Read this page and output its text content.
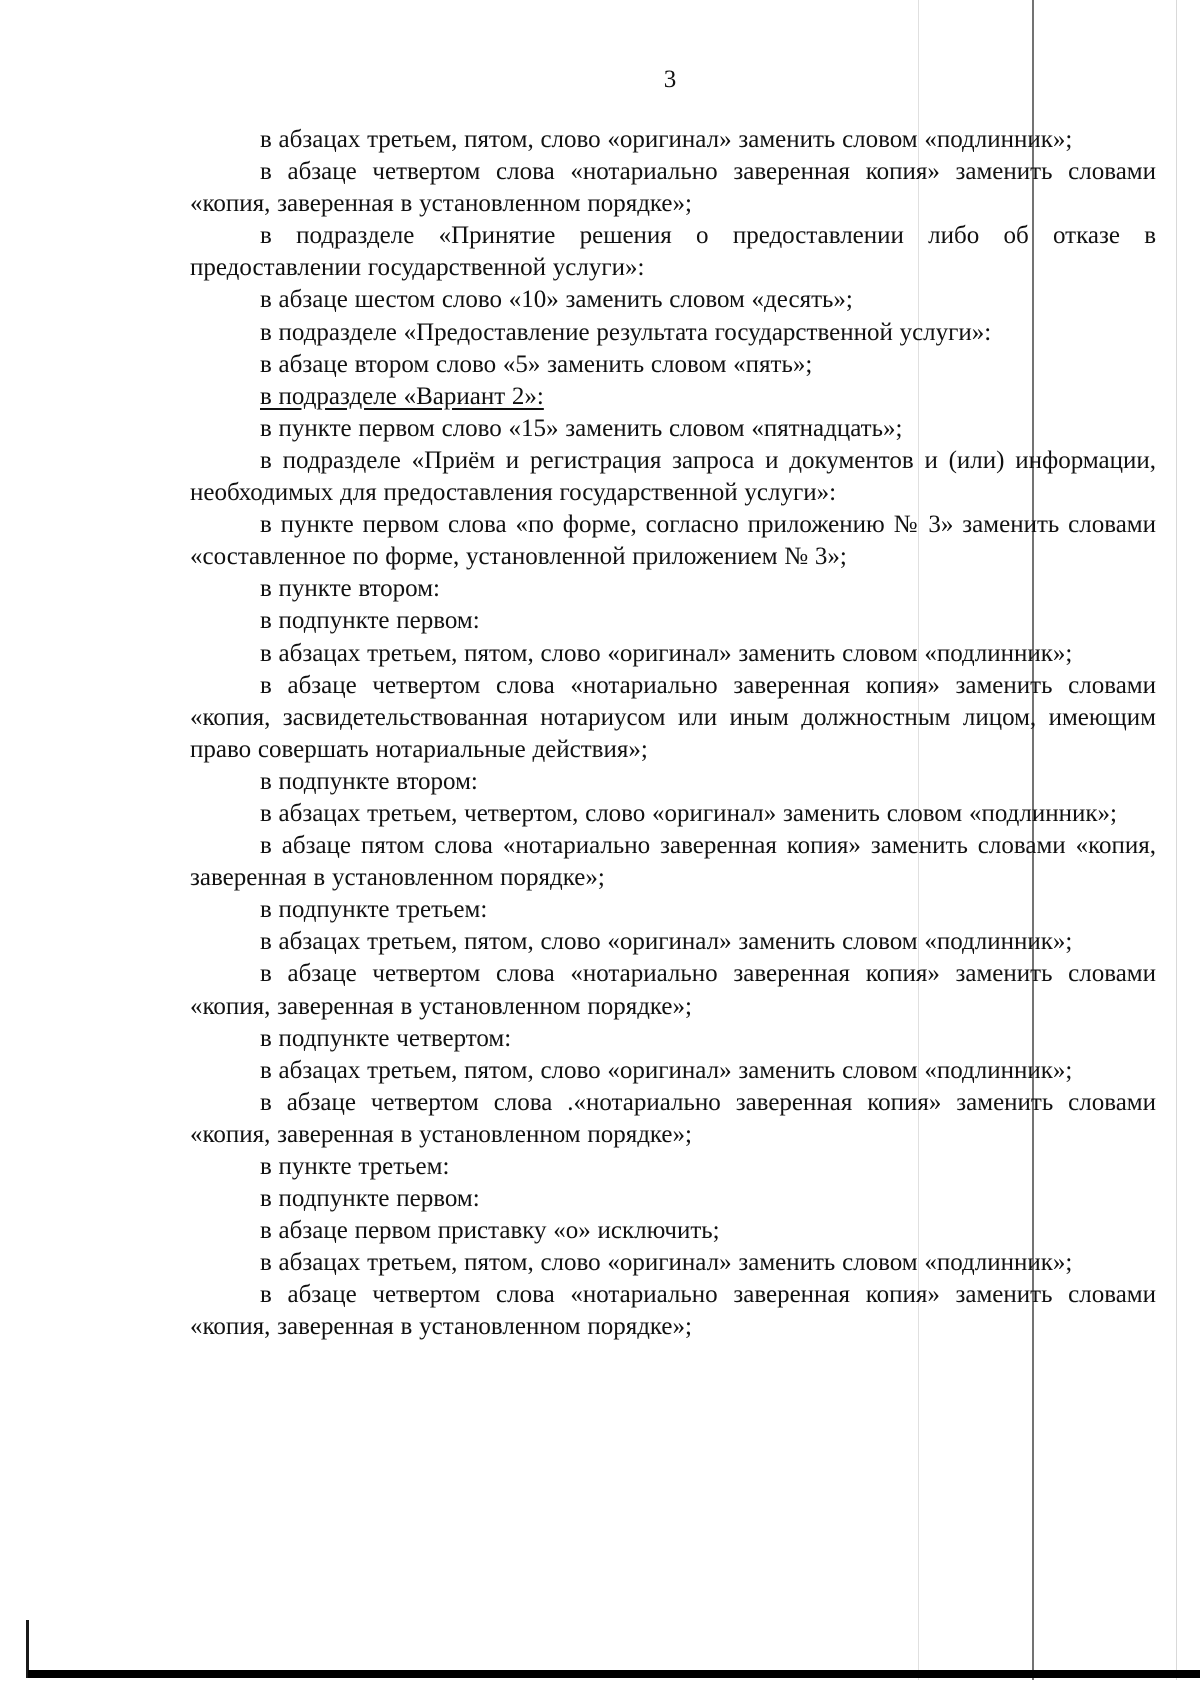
3

в абзацах третьем, пятом, слово «оригинал» заменить словом «подлинник»;

в абзаце четвертом слова «нотариально заверенная копия» заменить словами «копия, заверенная в установленном порядке»;

в подразделе «Принятие решения о предоставлении либо об отказе в предоставлении государственной услуги»:

в абзаце шестом слово «10» заменить словом «десять»;

в подразделе «Предоставление результата государственной услуги»:

в абзаце втором слово «5» заменить словом «пять»;

в подразделе «Вариант 2»:

в пункте первом слово «15» заменить словом «пятнадцать»;

в подразделе «Приём и регистрация запроса и документов и (или) информации, необходимых для предоставления государственной услуги»:

в пункте первом слова «по форме, согласно приложению № 3» заменить словами «составленное по форме, установленной приложением № 3»;

в пункте втором:

в подпункте первом:

в абзацах третьем, пятом, слово «оригинал» заменить словом «подлинник»;

в абзаце четвертом слова «нотариально заверенная копия» заменить словами «копия, засвидетельствованная нотариусом или иным должностным лицом, имеющим право совершать нотариальные действия»;

в подпункте втором:

в абзацах третьем, четвертом, слово «оригинал» заменить словом «подлинник»;

в абзаце пятом слова «нотариально заверенная копия» заменить словами «копия, заверенная в установленном порядке»;

в подпункте третьем:

в абзацах третьем, пятом, слово «оригинал» заменить словом «подлинник»;

в абзаце четвертом слова «нотариально заверенная копия» заменить словами «копия, заверенная в установленном порядке»;

в подпункте четвертом:

в абзацах третьем, пятом, слово «оригинал» заменить словом «подлинник»;

в абзаце четвертом слова .«нотариально заверенная копия» заменить словами «копия, заверенная в установленном порядке»;

в пункте третьем:

в подпункте первом:

в абзаце первом приставку «о» исключить;

в абзацах третьем, пятом, слово «оригинал» заменить словом «подлинник»;

в абзаце четвертом слова «нотариально заверенная копия» заменить словами «копия, заверенная в установленном порядке»;
